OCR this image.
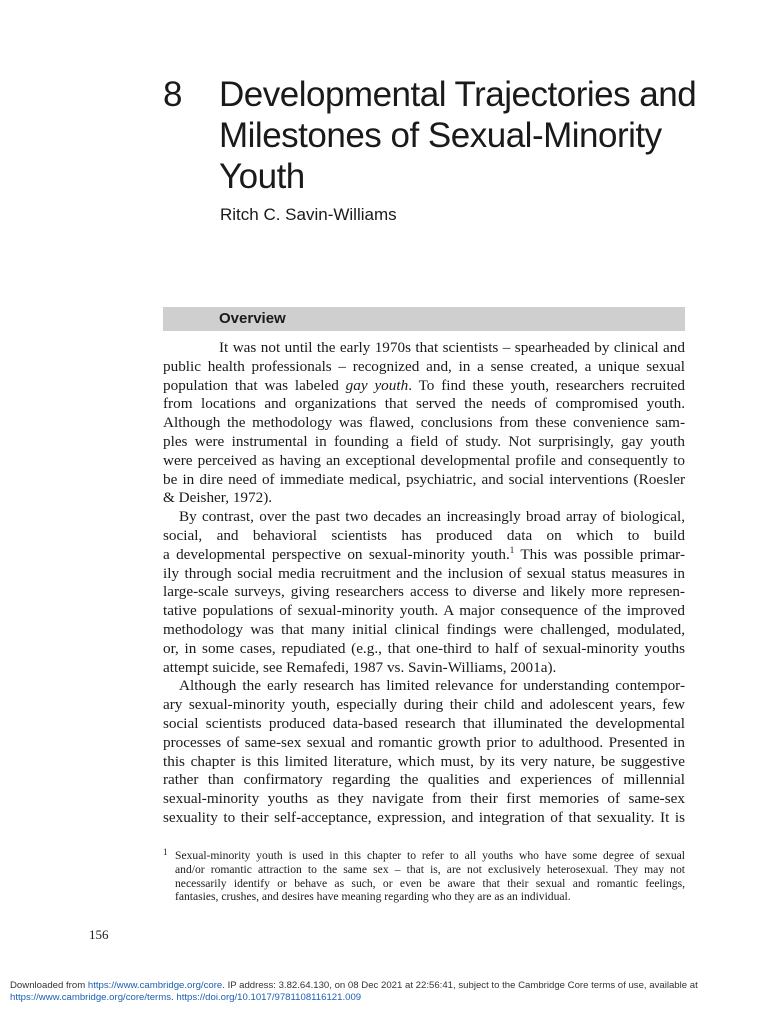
8 Developmental Trajectories and
Milestones of Sexual-Minority
Youth
Ritch C. Savin-Williams
Overview
It was not until the early 1970s that scientists – spearheaded by clinical and
public health professionals – recognized and, in a sense created, a unique sexual
population that was labeled gay youth. To find these youth, researchers recruited
from locations and organizations that served the needs of compromised youth.
Although the methodology was flawed, conclusions from these convenience sam-
ples were instrumental in founding a field of study. Not surprisingly, gay youth
were perceived as having an exceptional developmental profile and consequently to
be in dire need of immediate medical, psychiatric, and social interventions (Roesler
& Deisher, 1972).
By contrast, over the past two decades an increasingly broad array of biological,
social, and behavioral scientists has produced data on which to build
a developmental perspective on sexual-minority youth.$^1$ This was possible primar-
ily through social media recruitment and the inclusion of sexual status measures in
large-scale surveys, giving researchers access to diverse and likely more represen-
tative populations of sexual-minority youth. A major consequence of the improved
methodology was that many initial clinical findings were challenged, modulated,
or, in some cases, repudiated (e.g., that one-third to half of sexual-minority youths
attempt suicide, see Remafedi, 1987 vs. Savin-Williams, 2001a).
Although the early research has limited relevance for understanding contempor-
ary sexual-minority youth, especially during their child and adolescent years, few
social scientists produced data-based research that illuminated the developmental
processes of same-sex sexual and romantic growth prior to adulthood. Presented in
this chapter is this limited literature, which must, by its very nature, be suggestive
rather than confirmatory regarding the qualities and experiences of millennial
sexual-minority youths as they navigate from their first memories of same-sex
sexuality to their self-acceptance, expression, and integration of that sexuality. It is
1 Sexual-minority youth is used in this chapter to refer to all youths who have some degree of sexual
and/or romantic attraction to the same sex – that is, are not exclusively heterosexual. They may not
necessarily identify or behave as such, or even be aware that their sexual and romantic feelings,
fantasies, crushes, and desires have meaning regarding who they are as an individual.
156
Downloaded from https://www.cambridge.org/core. IP address: 3.82.64.130, on 08 Dec 2021 at 22:56:41, subject to the Cambridge Core terms of use, available at
https://www.cambridge.org/core/terms. https://doi.org/10.1017/9781108116121.009
